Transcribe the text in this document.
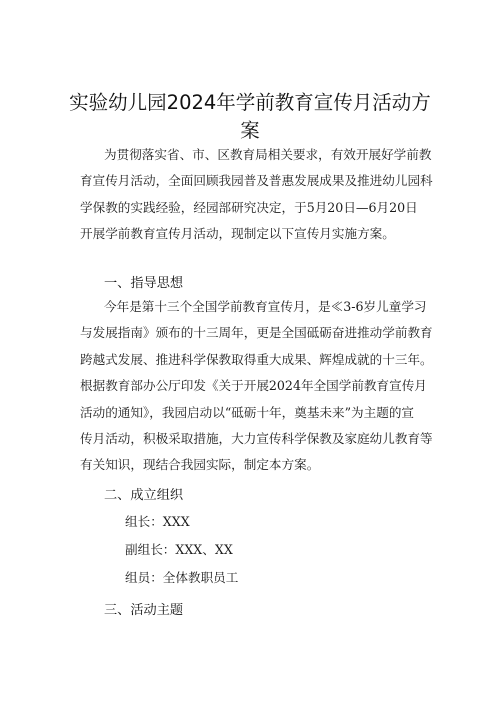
实验幼儿园2024年学前教育宣传月活动方案

为贯彻落实省、市、区教育局相关要求，有效开展好学前教
育宣传月活动，全面回顾我园普及普惠发展成果及推进幼儿园科
学保教的实践经验，经园部研究决定，于5月20日—6月20日
开展学前教育宣传月活动，现制定以下宣传月实施方案。

一、指导思想

今年是第十三个全国学前教育宣传月，是≪3-6岁儿童学习
与发展指南》颁布的十三周年，更是全国砥砺奋进推动学前教育
跨越式发展、推进科学保教取得重大成果、辉煌成就的十三年。
根据教育部办公厅印发《关于开展2024年全国学前教育宣传月
活动的通知》，我园启动以“砥砺十年，奠基未来”为主题的宣
传月活动，积极采取措施，大力宣传科学保教及家庭幼儿教育等
有关知识，现结合我园实际，制定本方案。

二、成立组织
组长：XXX
副组长：XXX、XX
组员：全体教职员工
三、活动主题
